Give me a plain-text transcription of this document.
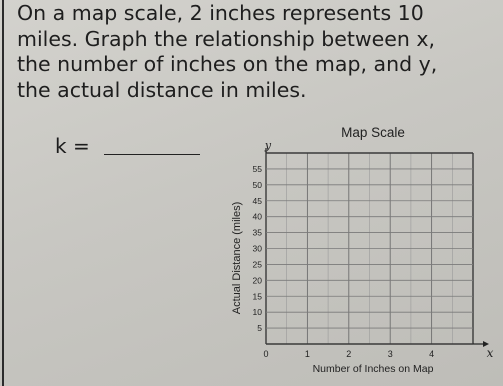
On a map scale, 2 inches represents 10
miles. Graph the relationship between x,
the number of inches on the map, and y,
the actual distance in miles.
k =
Map Scale
y
x
Actual Distance (miles)
Number of Inches on Map
5
10
15
20
25
30
35
40
45
50
55
0	1	2	3	4
